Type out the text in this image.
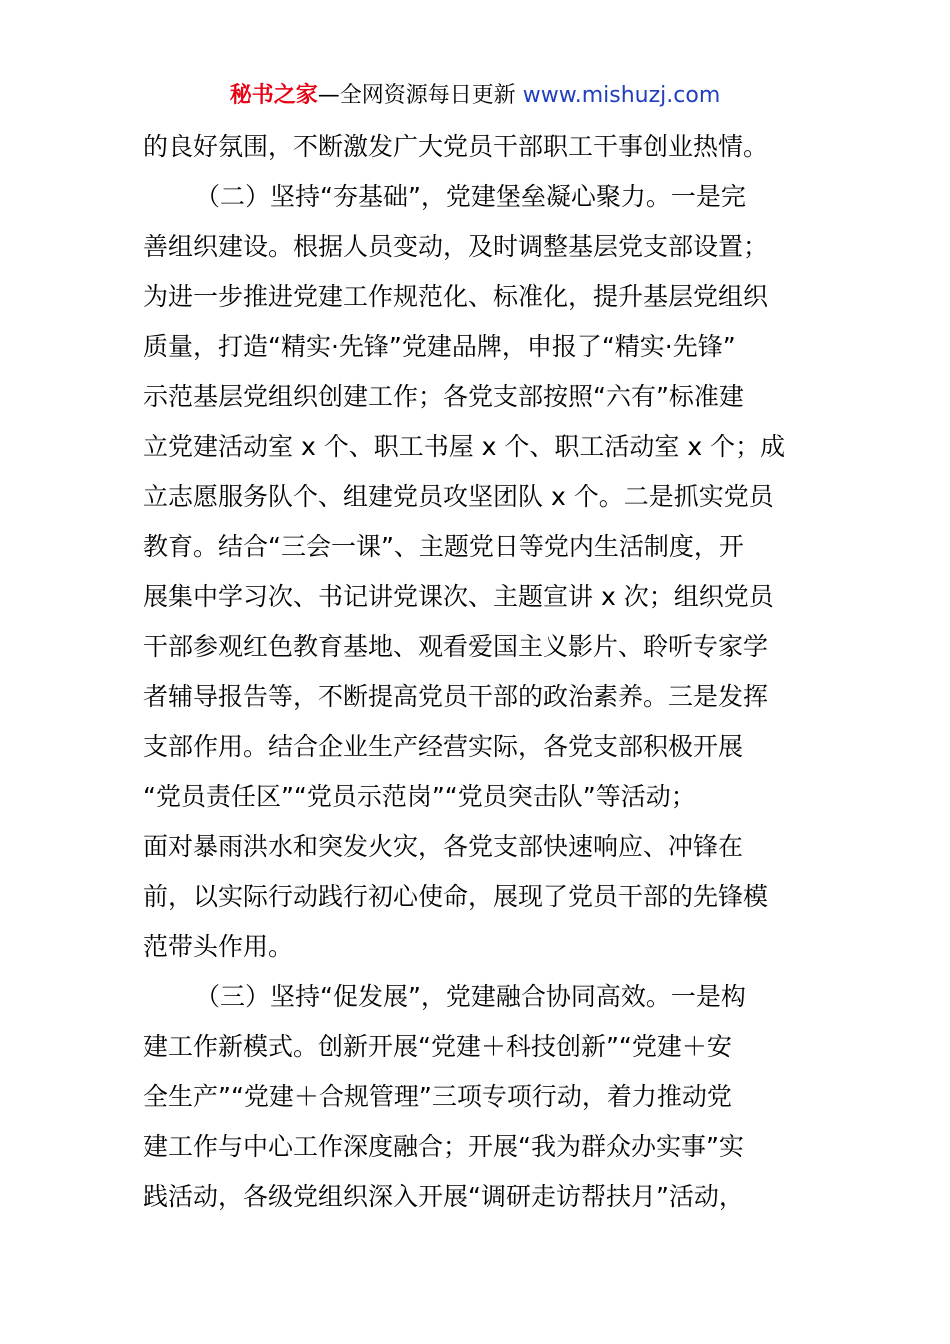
秘书之家—全网资源每日更新 www.mishuzj.com
的良好氛围，不断激发广大党员干部职工干事创业热情。
（二）坚持“夯基础”，党建堡垒凝心聚力。一是完
善组织建设。根据人员变动，及时调整基层党支部设置；
为进一步推进党建工作规范化、标准化，提升基层党组织
质量，打造“精实·先锋”党建品牌，申报了“精实·先锋”
示范基层党组织创建工作；各党支部按照“六有”标准建
立党建活动室 x 个、职工书屋 x 个、职工活动室 x 个；成
立志愿服务队个、组建党员攻坚团队 x 个。二是抓实党员
教育。结合“三会一课”、主题党日等党内生活制度，开
展集中学习次、书记讲党课次、主题宣讲 x 次；组织党员
干部参观红色教育基地、观看爱国主义影片、聆听专家学
者辅导报告等，不断提高党员干部的政治素养。三是发挥
支部作用。结合企业生产经营实际，各党支部积极开展
“党员责任区”“党员示范岗”“党员突击队”等活动；
面对暴雨洪水和突发火灾，各党支部快速响应、冲锋在
前，以实际行动践行初心使命，展现了党员干部的先锋模
范带头作用。
（三）坚持“促发展”，党建融合协同高效。一是构
建工作新模式。创新开展“党建＋科技创新”“党建＋安
全生产”“党建＋合规管理”三项专项行动，着力推动党
建工作与中心工作深度融合；开展“我为群众办实事”实
践活动，各级党组织深入开展“调研走访帮扶月”活动，
